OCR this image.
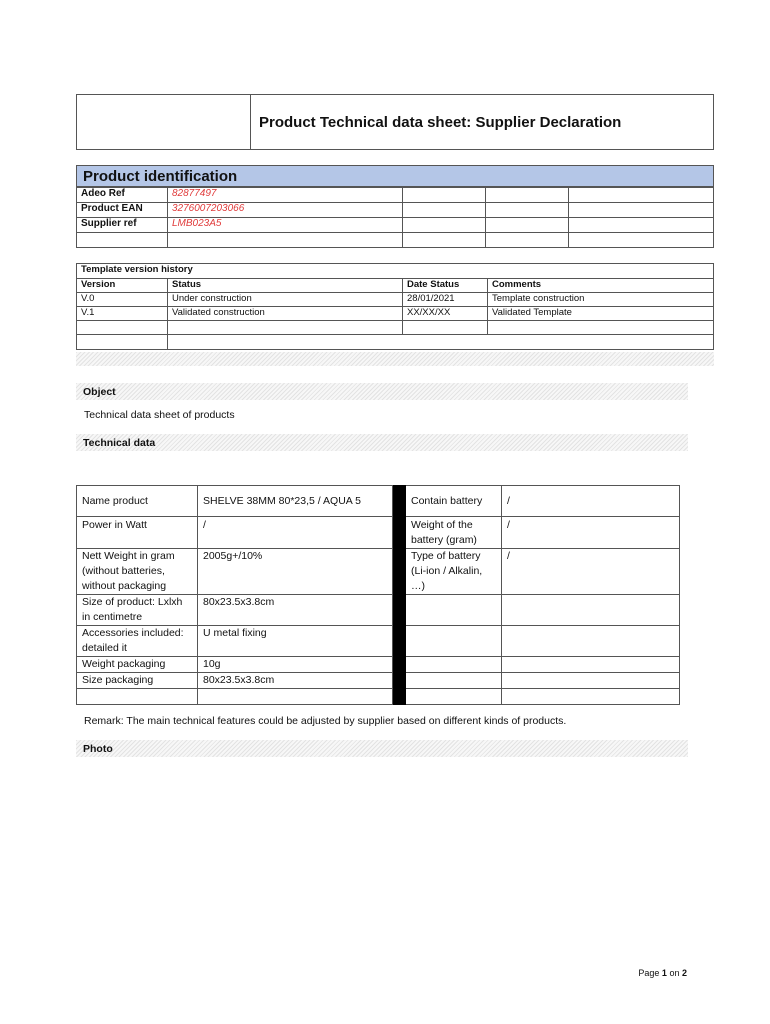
	Product Technical data sheet: Supplier Declaration
Product identification
Adeo Ref	82877497			
Product EAN	3276007203066			
Supplier ref	LMB023A5			

Template version history			
Version	Status	Date Status	Comments
V.0	Under construction	28/01/2021	Template construction
V.1	Validated construction	XX/XX/XX	Validated Template

Object
Technical data sheet of products
Technical data
Name product	SHELVE 38MM 80*23,5 / AQUA 5		Contain battery	/
Power in Watt	/		Weight of the battery (gram)	/
Nett Weight in gram (without batteries, without packaging	2005g+/10%		Type of battery (Li-ion / Alkalin, …)	/
Size of product: Lxlxh in centimetre	80x23.5x3.8cm			
Accessories included: detailed it	U metal fixing			
Weight packaging	10g			
Size packaging	80x23.5x3.8cm			

Remark: The main technical features could be adjusted by supplier based on different kinds of products.
Photo
Page 1 on 2
